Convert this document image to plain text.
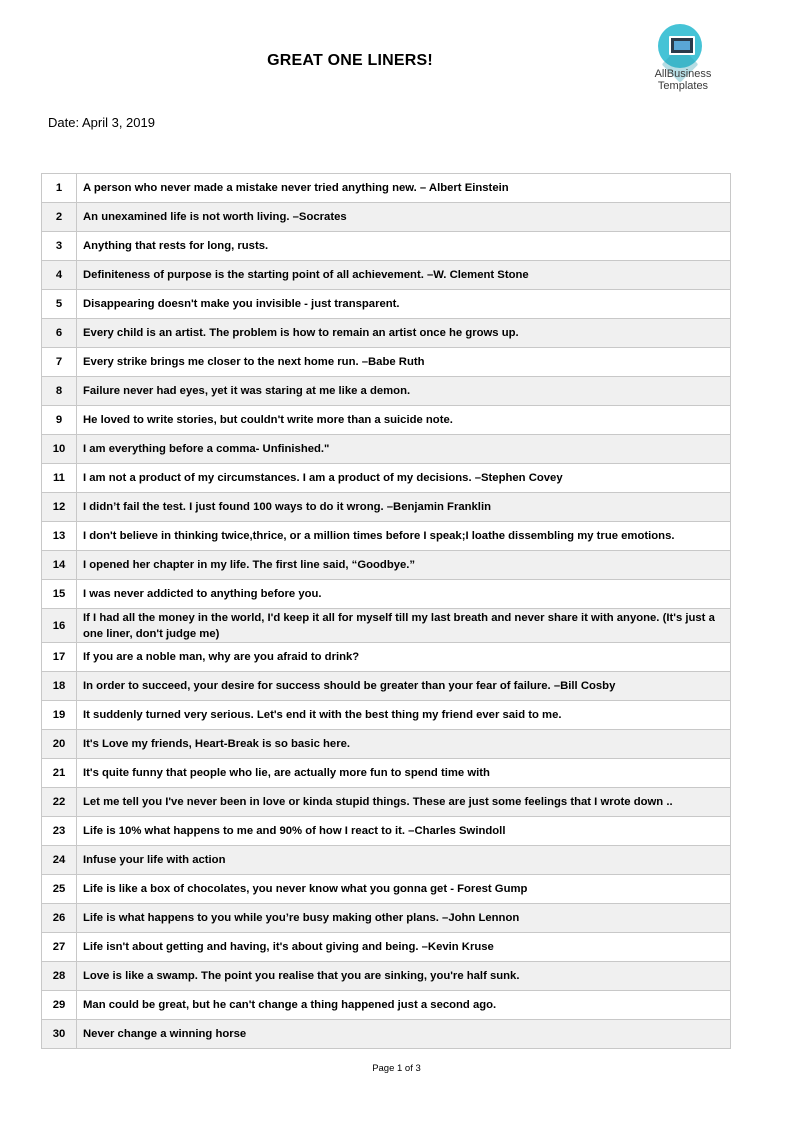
GREAT ONE LINERS!
AllBusiness
Templates
Date: April 3, 2019
1	A person who never made a mistake never tried anything new. – Albert Einstein
2	An unexamined life is not worth living. –Socrates
3	Anything that rests for long, rusts.
4	Definiteness of purpose is the starting point of all achievement. –W. Clement Stone
5	Disappearing doesn't make you invisible - just transparent.
6	Every child is an artist. The problem is how to remain an artist once he grows up.
7	Every strike brings me closer to the next home run. –Babe Ruth
8	Failure never had eyes, yet it was staring at me like a demon.
9	He loved to write stories, but couldn't write more than a suicide note.
10	I am everything before a comma- Unfinished."
11	I am not a product of my circumstances. I am a product of my decisions. –Stephen Covey
12	I didn’t fail the test. I just found 100 ways to do it wrong. –Benjamin Franklin
13	I don't believe in thinking twice,thrice, or a million times before I speak;I loathe dissembling my true emotions.
14	I opened her chapter in my life. The first line said, “Goodbye.”
15	I was never addicted to anything before you.
16	If I had all the money in the world, I'd keep it all for myself till my last breath and never share it with anyone. (It's just a one liner, don't judge me)
17	If you are a noble man, why are you afraid to drink?
18	In order to succeed, your desire for success should be greater than your fear of failure. –Bill Cosby
19	It suddenly turned very serious. Let's end it with the best thing my friend ever said to me.
20	It's Love my friends, Heart-Break is so basic here.
21	It's quite funny that people who lie, are actually more fun to spend time with
22	Let me tell you I've never been in love or kinda stupid things. These are just some feelings that I wrote down ..
23	Life is 10% what happens to me and 90% of how I react to it. –Charles Swindoll
24	Infuse your life with action
25	Life is like a box of chocolates, you never know what you gonna get - Forest Gump
26	Life is what happens to you while you’re busy making other plans. –John Lennon
27	Life isn't about getting and having, it's about giving and being. –Kevin Kruse
28	Love is like a swamp. The point you realise that you are sinking, you're half sunk.
29	Man could be great, but he can't change a thing happened just a second ago.
30	Never change a winning horse
Page 1 of 3
